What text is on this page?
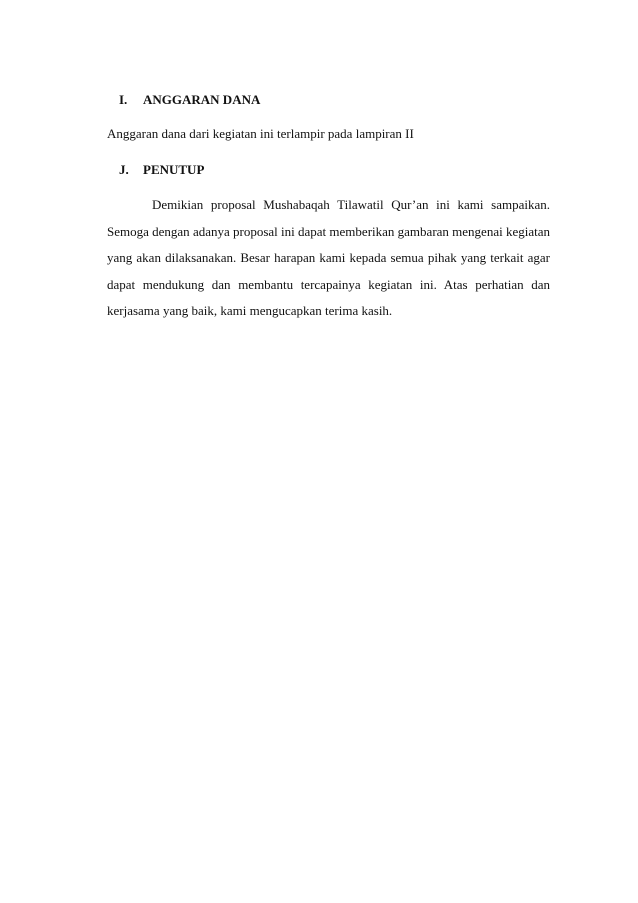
I.	ANGGARAN DANA

Anggaran dana dari kegiatan ini terlampir pada lampiran II

J.	PENUTUP

Demikian proposal Mushabaqah Tilawatil Qur’an ini kami sampaikan. Semoga dengan adanya proposal ini dapat memberikan gambaran mengenai kegiatan yang akan dilaksanakan. Besar harapan kami kepada semua pihak yang terkait agar dapat mendukung dan membantu tercapainya kegiatan ini. Atas perhatian dan kerjasama yang baik, kami mengucapkan terima kasih.
